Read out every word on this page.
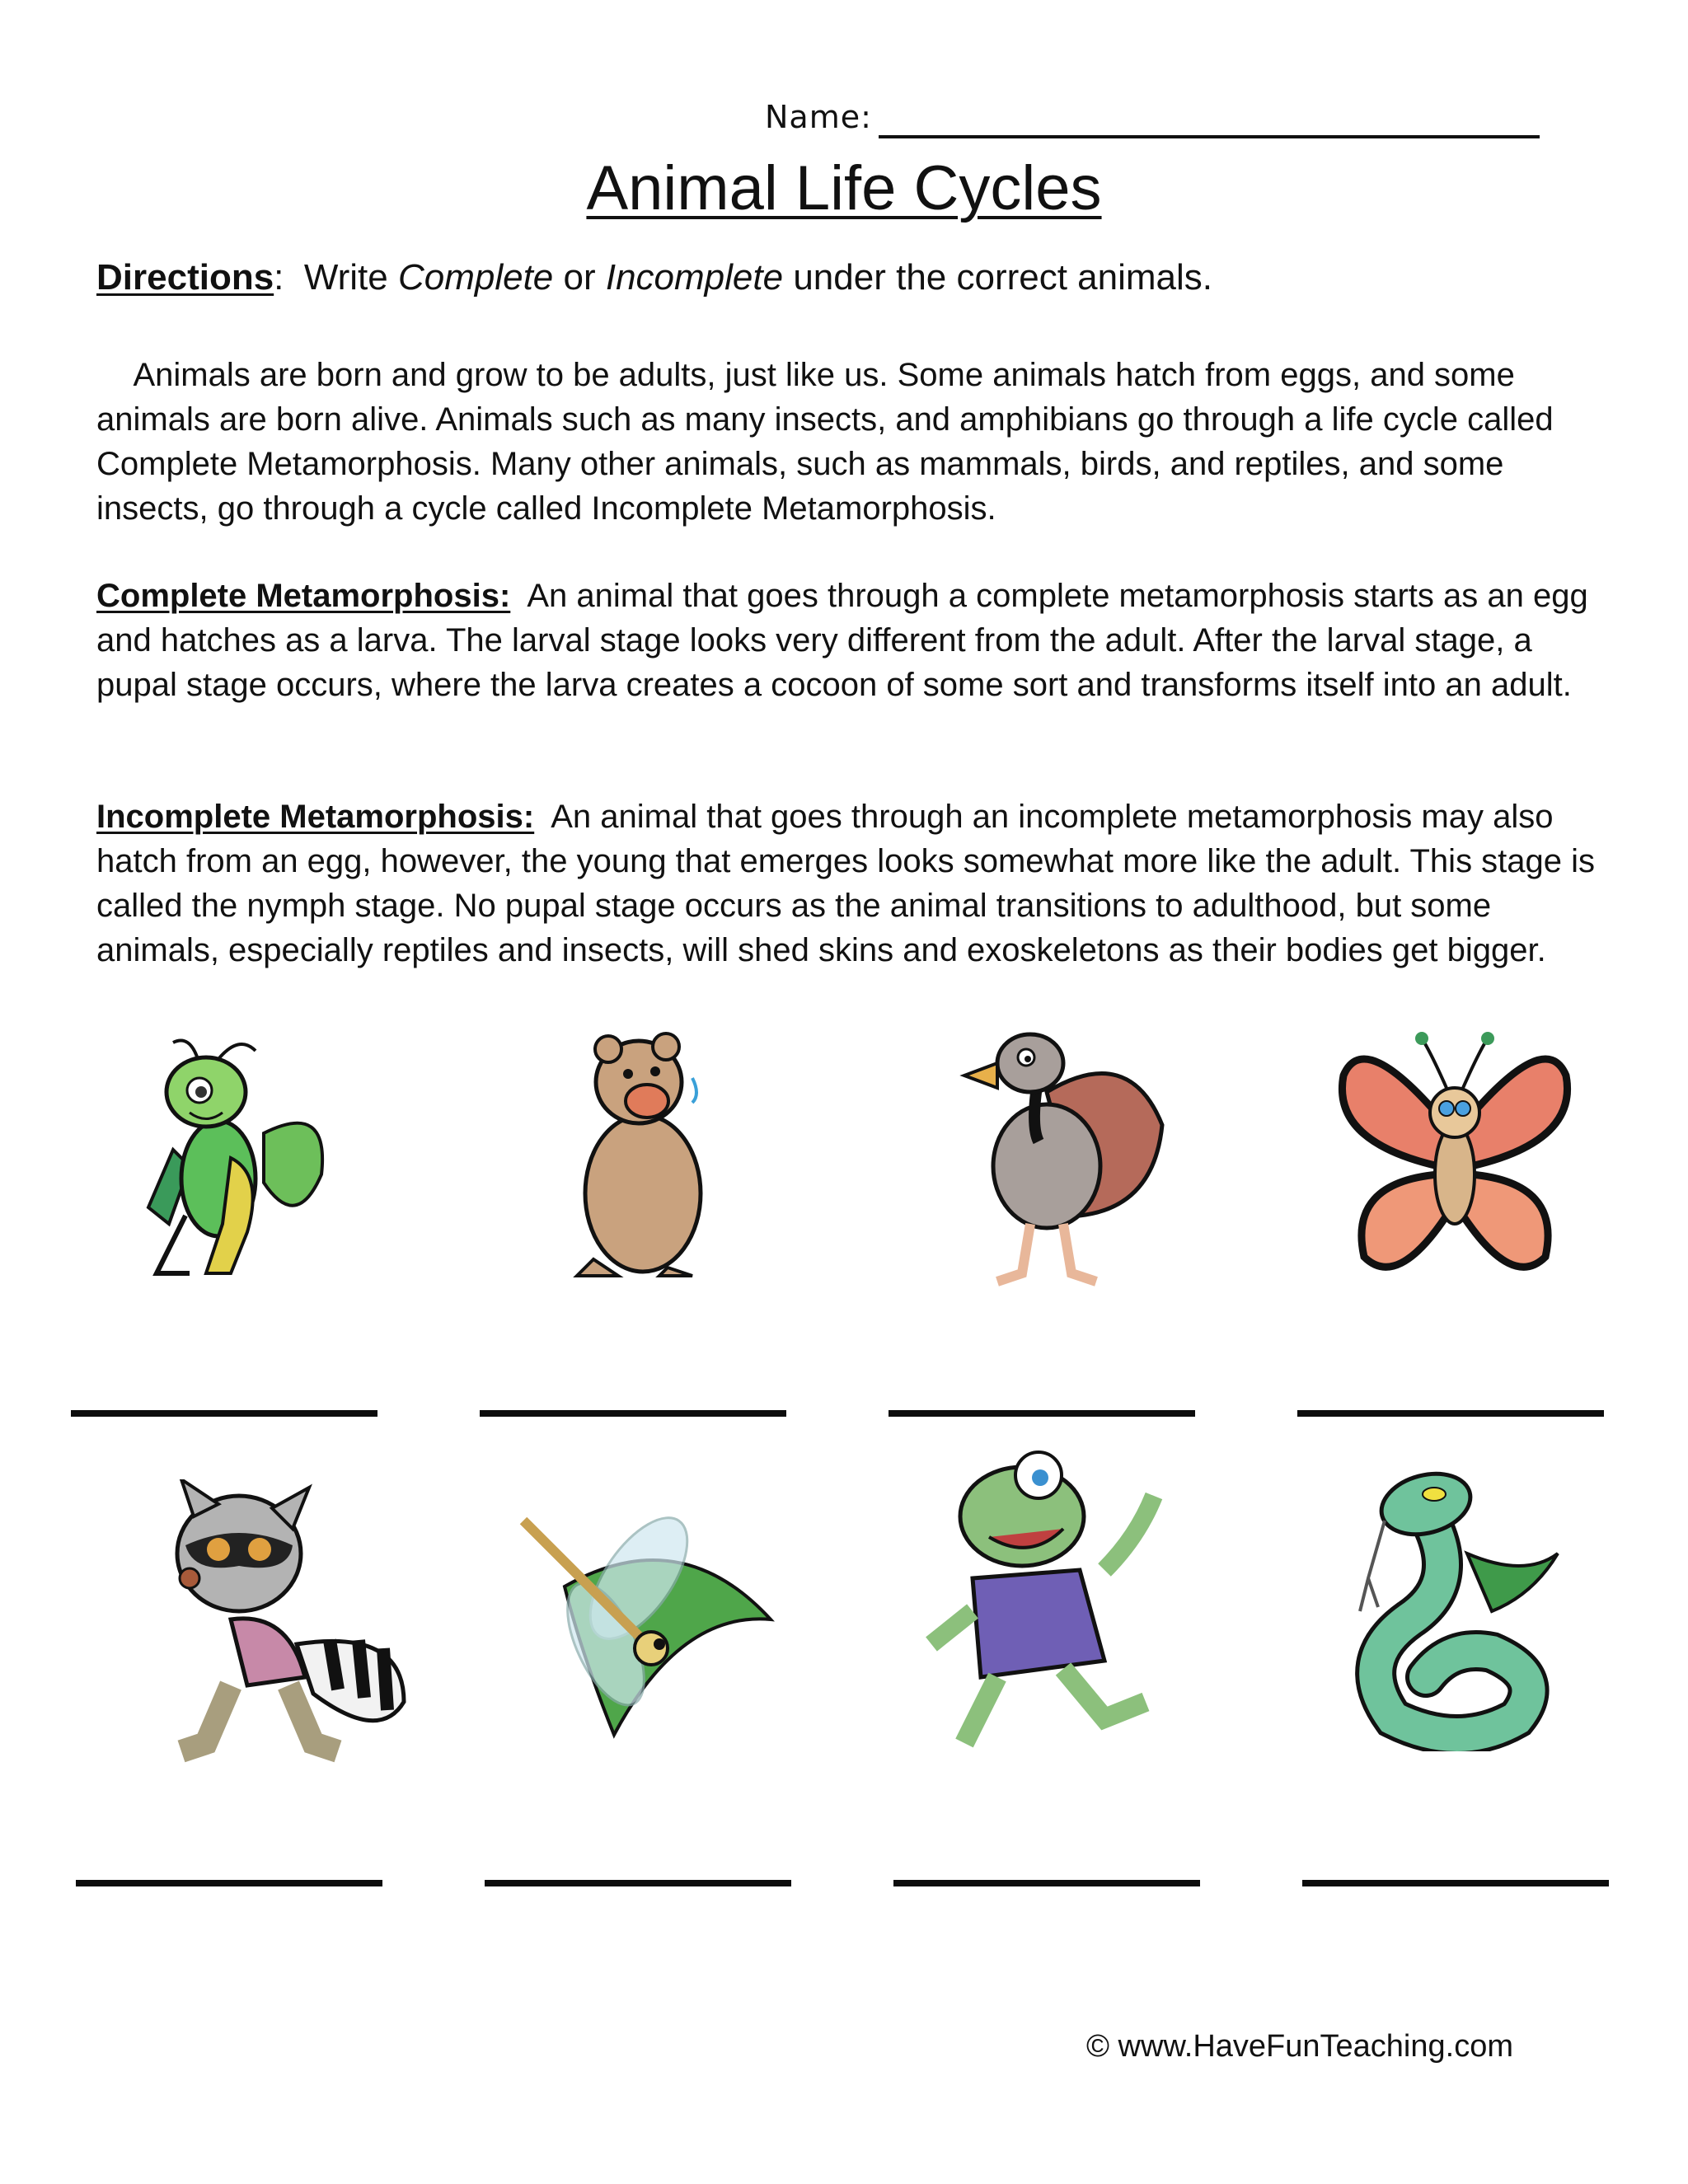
Name:
Animal Life Cycles
Directions: Write Complete or Incomplete under the correct animals.
Animals are born and grow to be adults, just like us. Some animals hatch from eggs, and some animals are born alive. Animals such as many insects, and amphibians go through a life cycle called Complete Metamorphosis. Many other animals, such as mammals, birds, and reptiles, and some insects, go through a cycle called Incomplete Metamorphosis.
Complete Metamorphosis: An animal that goes through a complete metamorphosis starts as an egg and hatches as a larva. The larval stage looks very different from the adult. After the larval stage, a pupal stage occurs, where the larva creates a cocoon of some sort and transforms itself into an adult.
Incomplete Metamorphosis: An animal that goes through an incomplete metamorphosis may also hatch from an egg, however, the young that emerges looks somewhat more like the adult. This stage is called the nymph stage. No pupal stage occurs as the animal transitions to adulthood, but some animals, especially reptiles and insects, will shed skins and exoskeletons as their bodies get bigger.
© www.HaveFunTeaching.com
